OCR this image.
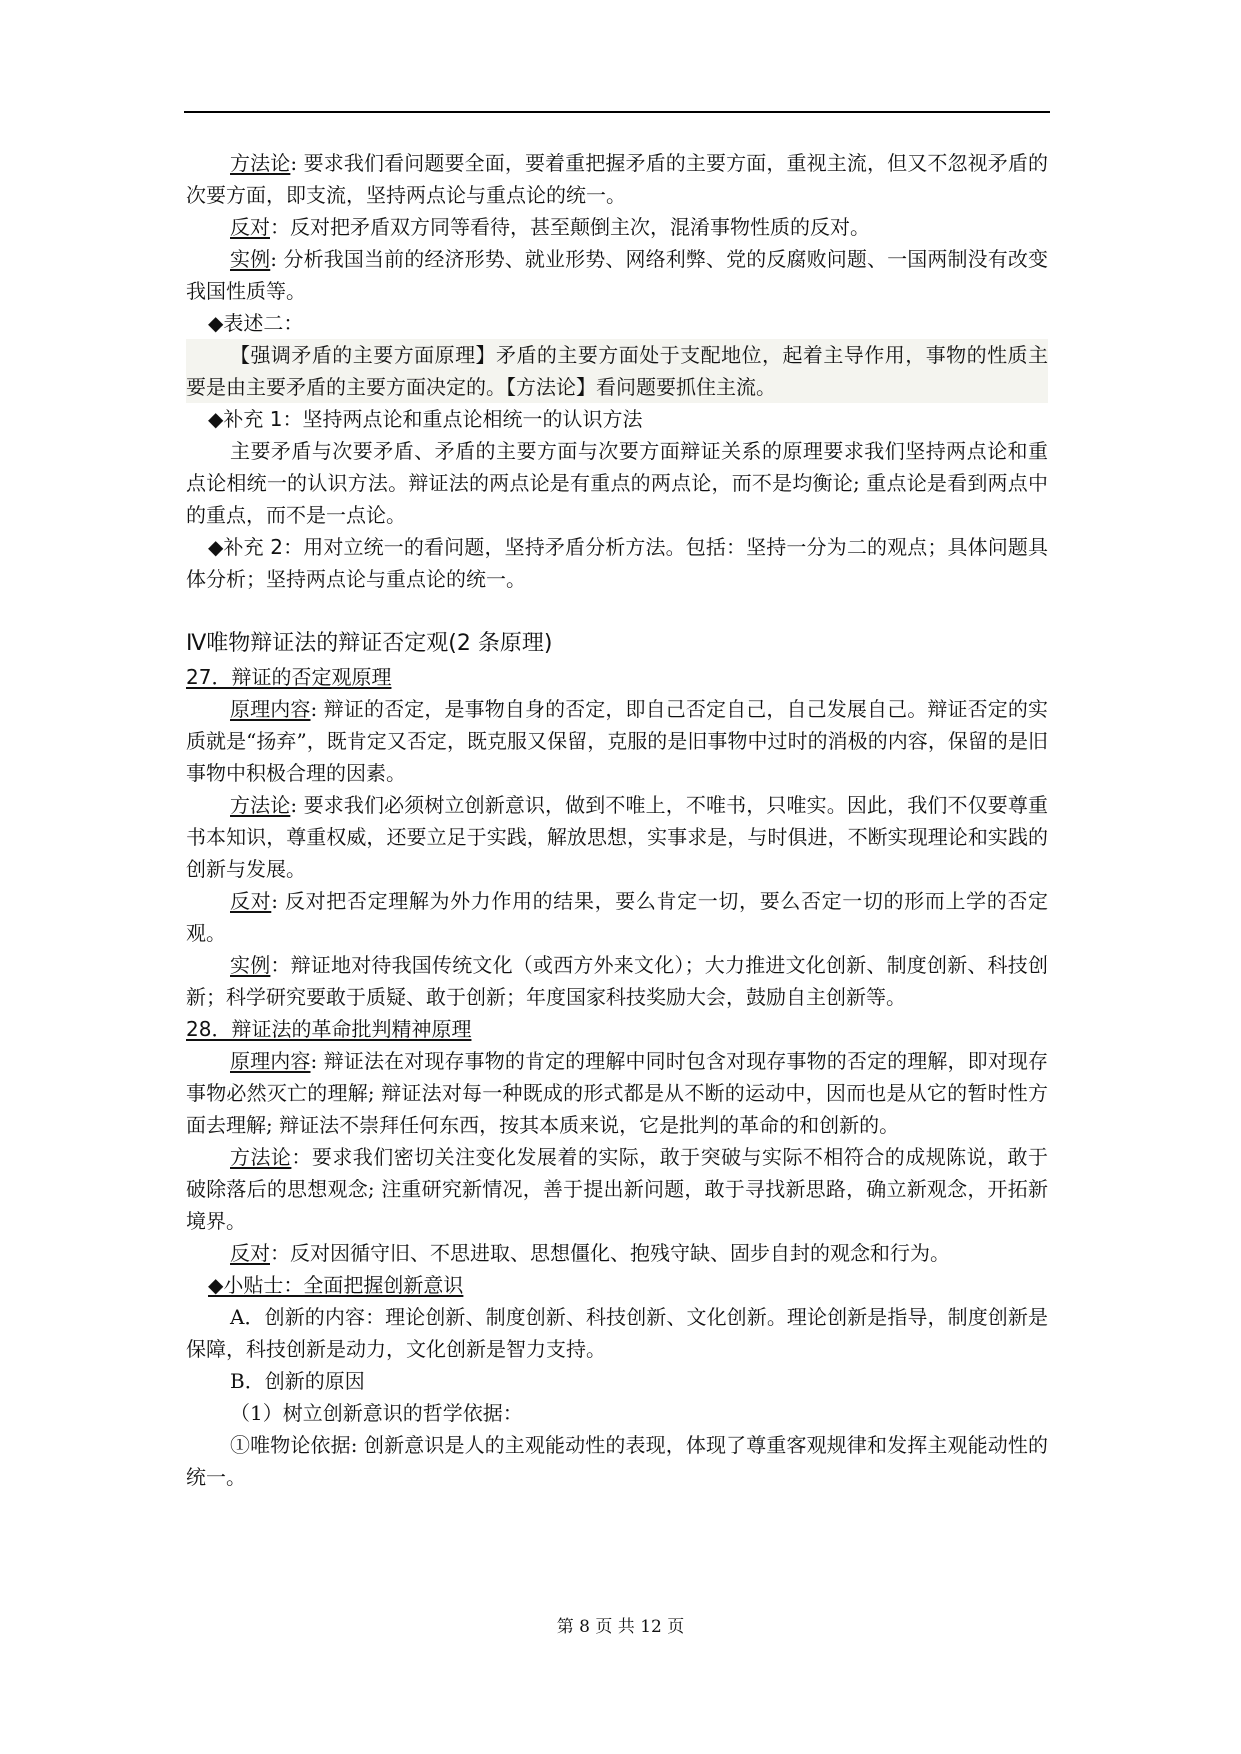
方法论: 要求我们看问题要全面，要着重把握矛盾的主要方面，重视主流，但又不忽视矛盾的次要方面，即支流，坚持两点论与重点论的统一。

反对：反对把矛盾双方同等看待，甚至颠倒主次，混淆事物性质的反对。

实例: 分析我国当前的经济形势、就业形势、网络利弊、党的反腐败问题、一国两制没有改变我国性质等。

◆表述二：

【强调矛盾的主要方面原理】矛盾的主要方面处于支配地位，起着主导作用，事物的性质主要是由主要矛盾的主要方面决定的。【方法论】看问题要抓住主流。

◆补充 1：坚持两点论和重点论相统一的认识方法

主要矛盾与次要矛盾、矛盾的主要方面与次要方面辩证关系的原理要求我们坚持两点论和重点论相统一的认识方法。辩证法的两点论是有重点的两点论，而不是均衡论; 重点论是看到两点中的重点，而不是一点论。

◆补充 2：用对立统一的看问题，坚持矛盾分析方法。包括：坚持一分为二的观点；具体问题具体分析；坚持两点论与重点论的统一。

Ⅳ唯物辩证法的辩证否定观(2 条原理)

27．辩证的否定观原理

原理内容: 辩证的否定，是事物自身的否定，即自己否定自己，自己发展自己。辩证否定的实质就是“扬弃”，既肯定又否定，既克服又保留，克服的是旧事物中过时的消极的内容，保留的是旧事物中积极合理的因素。

方法论: 要求我们必须树立创新意识，做到不唯上，不唯书，只唯实。因此，我们不仅要尊重书本知识，尊重权威，还要立足于实践，解放思想，实事求是，与时俱进，不断实现理论和实践的创新与发展。

反对: 反对把否定理解为外力作用的结果，要么肯定一切，要么否定一切的形而上学的否定观。

实例：辩证地对待我国传统文化（或西方外来文化）；大力推进文化创新、制度创新、科技创新；科学研究要敢于质疑、敢于创新；年度国家科技奖励大会，鼓励自主创新等。

28．辩证法的革命批判精神原理

原理内容: 辩证法在对现存事物的肯定的理解中同时包含对现存事物的否定的理解，即对现存事物必然灭亡的理解; 辩证法对每一种既成的形式都是从不断的运动中，因而也是从它的暂时性方面去理解; 辩证法不崇拜任何东西，按其本质来说，它是批判的革命的和创新的。

方法论：要求我们密切关注变化发展着的实际，敢于突破与实际不相符合的成规陈说，敢于破除落后的思想观念; 注重研究新情况，善于提出新问题，敢于寻找新思路，确立新观念，开拓新境界。

反对：反对因循守旧、不思进取、思想僵化、抱残守缺、固步自封的观念和行为。

◆小贴士：全面把握创新意识

A．创新的内容：理论创新、制度创新、科技创新、文化创新。理论创新是指导，制度创新是保障，科技创新是动力，文化创新是智力支持。

B．创新的原因

（1）树立创新意识的哲学依据：

①唯物论依据: 创新意识是人的主观能动性的表现，体现了尊重客观规律和发挥主观能动性的统一。

第 8 页 共 12 页
